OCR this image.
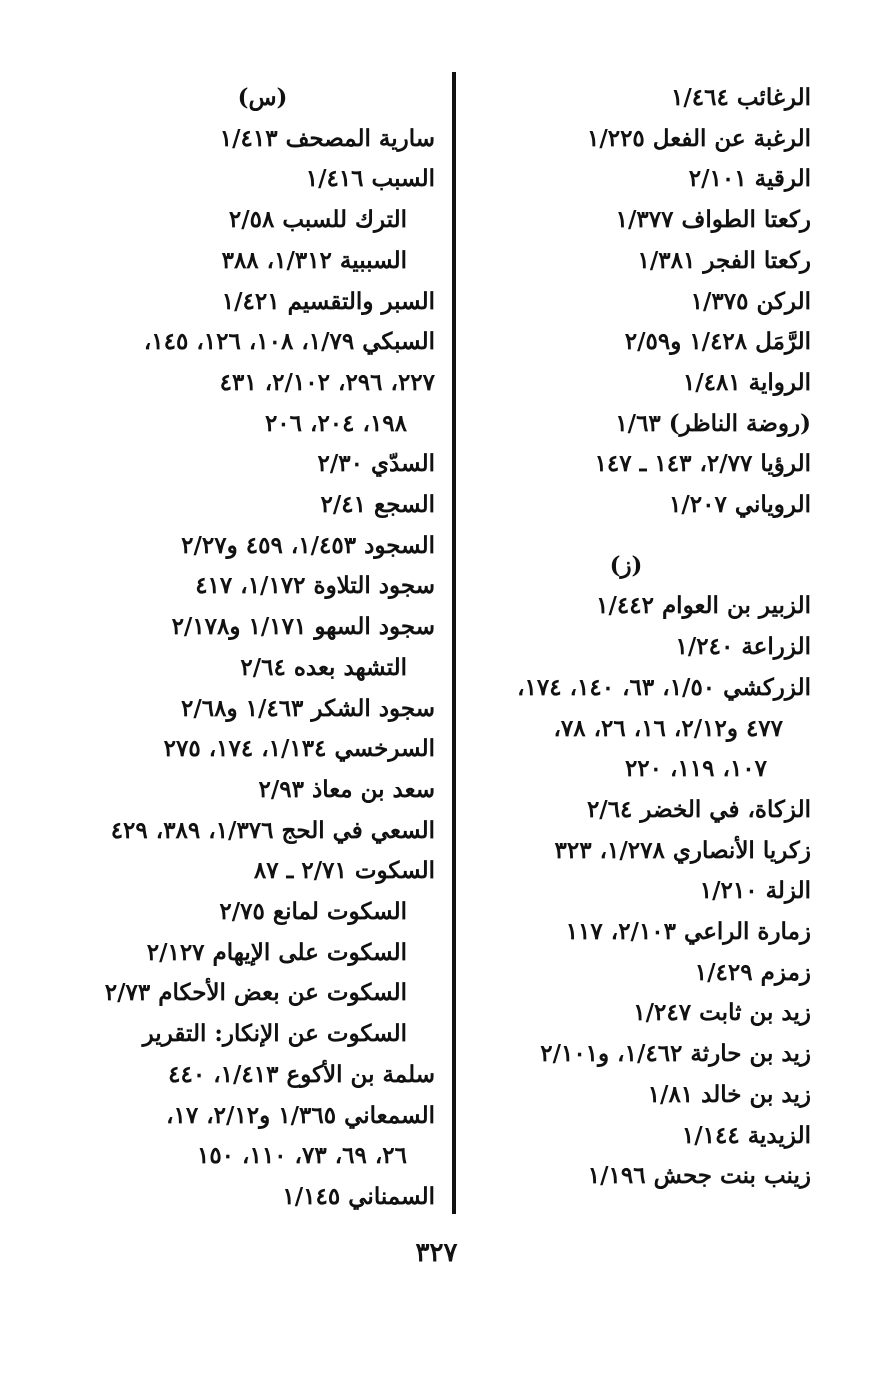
الرغائب ١/٤٦٤
الرغبة عن الفعل ١/٢٢٥
الرقية ٢/١٠١
ركعتا الطواف ١/٣٧٧
ركعتا الفجر ١/٣٨١
الركن ١/٣٧٥
الرَّمَل ١/٤٢٨ و٢/٥٩
الرواية ١/٤٨١
(روضة الناظر) ١/٦٣
الرؤيا ٢/٧٧، ١٤٣ ـ ١٤٧
الروياني ١/٢٠٧
(ز)
الزبير بن العوام ١/٤٤٢
الزراعة ١/٢٤٠
الزركشي ١/٥٠، ٦٣، ١٤٠، ١٧٤،
٤٧٧ و٢/١٢، ١٦، ٢٦، ٧٨،
١٠٧، ١١٩، ٢٢٠
الزكاة، في الخضر ٢/٦٤
زكريا الأنصاري ١/٢٧٨، ٣٢٣
الزلة ١/٢١٠
زمارة الراعي ٢/١٠٣، ١١٧
زمزم ١/٤٢٩
زيد بن ثابت ١/٢٤٧
زيد بن حارثة ١/٤٦٢، و٢/١٠١
زيد بن خالد ١/٨١
الزيدية ١/١٤٤
زينب بنت جحش ١/١٩٦
(س)
سارية المصحف ١/٤١٣
السبب ١/٤١٦
الترك للسبب ٢/٥٨
السببية ١/٣١٢، ٣٨٨
السبر والتقسيم ١/٤٢١
السبكي ١/٧٩، ١٠٨، ١٢٦، ١٤٥،
٢٢٧، ٢٩٦، ٢/١٠٢، ٤٣١
١٩٨، ٢٠٤، ٢٠٦
السدّي ٢/٣٠
السجع ٢/٤١
السجود ١/٤٥٣، ٤٥٩ و٢/٢٧
سجود التلاوة ١/١٧٢، ٤١٧
سجود السهو ١/١٧١ و٢/١٧٨
التشهد بعده ٢/٦٤
سجود الشكر ١/٤٦٣ و٢/٦٨
السرخسي ١/١٣٤، ١٧٤، ٢٧٥
سعد بن معاذ ٢/٩٣
السعي في الحج ١/٣٧٦، ٣٨٩، ٤٢٩
السكوت ٢/٧١ ـ ٨٧
السكوت لمانع ٢/٧٥
السكوت على الإيهام ٢/١٢٧
السكوت عن بعض الأحكام ٢/٧٣
السكوت عن الإنكار: التقرير
سلمة بن الأكوع ١/٤١٣، ٤٤٠
السمعاني ١/٣٦٥ و٢/١٢، ١٧،
٢٦، ٦٩، ٧٣، ١١٠، ١٥٠
السمناني ١/١٤٥
٣٢٧
